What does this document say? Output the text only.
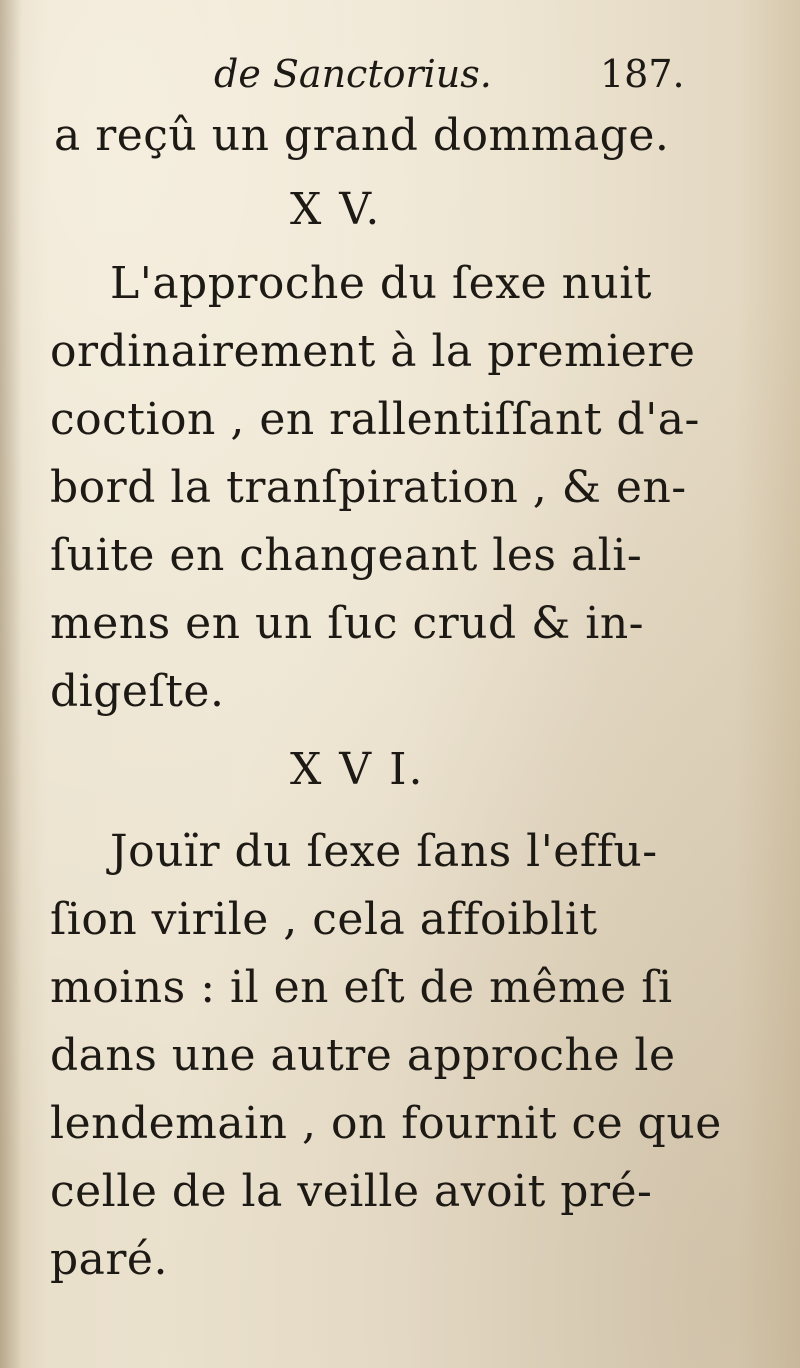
de Sanctorius.	187.
a reçû un grand dommage.
X V.
L'approche du ſexe nuit
ordinairement à la premiere
coction , en rallentiſſant d'a-
bord la tranſpiration , & en-
ſuite en changeant les ali-
mens en un ſuc crud & in-
digeſte.
X V I.
Jouïr du ſexe ſans l'effu-
ſion virile , cela affoiblit
moins : il en eſt de même ſi
dans une autre approche le
lendemain , on fournit ce que
celle de la veille avoit pré-
paré.
